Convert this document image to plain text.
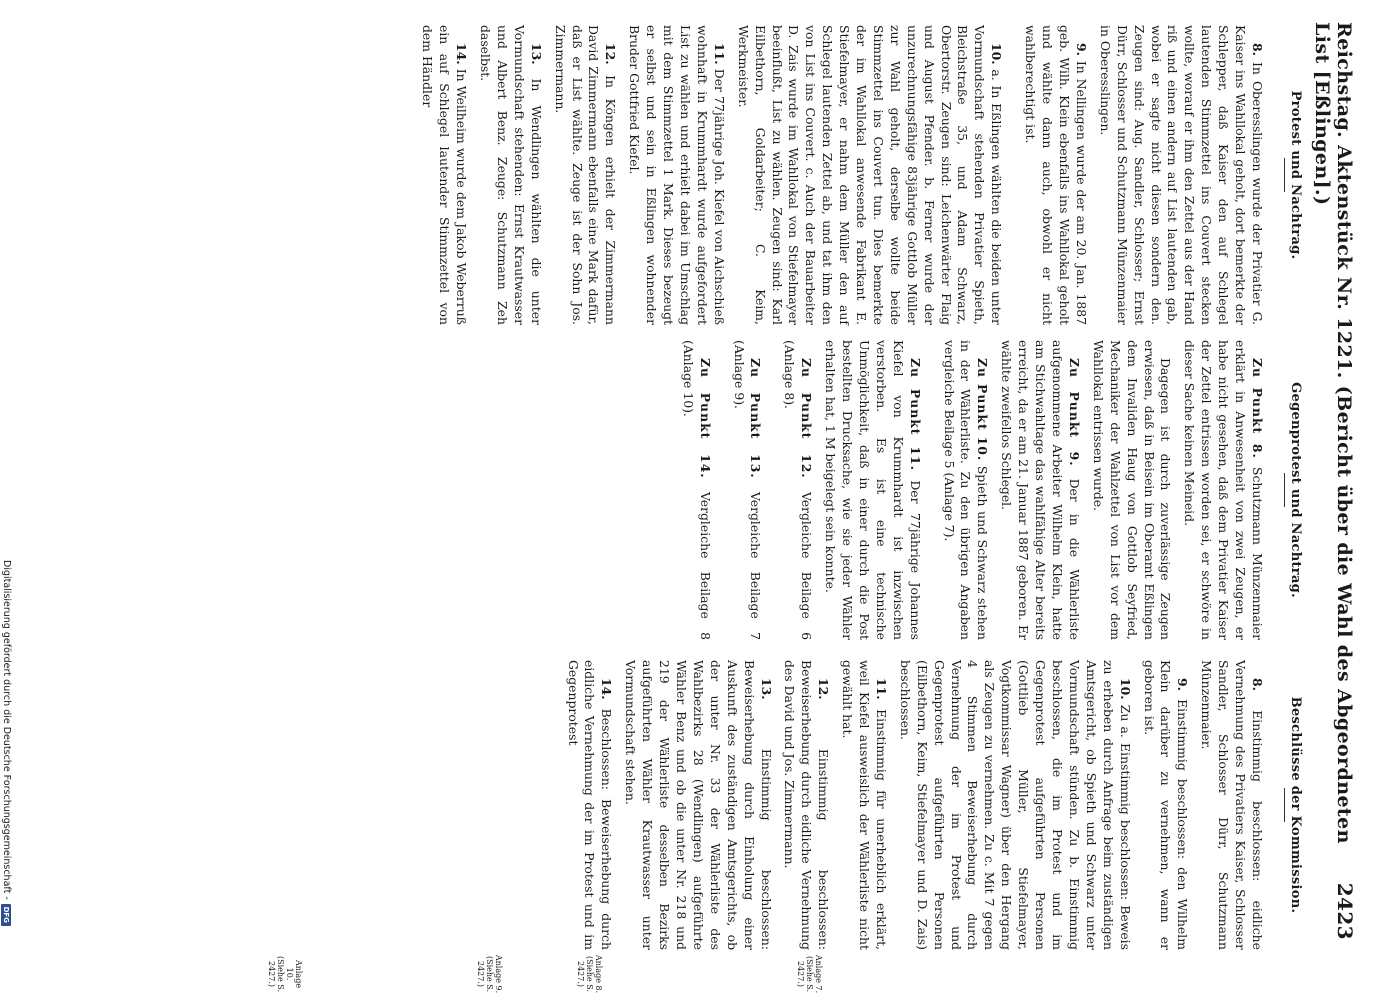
Reichstag. Aktenstück Nr. 1221. (Bericht über die Wahl des Abgeordneten List [Eßlingen].)
2423
Protest und Nachtrag.
Gegenprotest und Nachtrag.
Beschlüsse der Kommission.

8. In Oberesslingen wurde der Privatier G. Kaiser ins Wahllokal geholt, dort bemerkte der Schlepper, daß Kaiser den auf Schlegel lautenden Stimmzettel ins Couvert stecken wollte, worauf er ihm den Zettel aus der Hand riß und einen andern auf List lautenden gab, wobei er sagte nicht diesen sondern den. Zeugen sind: Aug. Sandler, Schlosser; Ernst Dürr, Schlosser und Schutzmann Münzenmaier in Oberesslingen.

9. In Nellingen wurde der am 20. Jan. 1887 geb. Wilh. Klein ebenfalls ins Wahllokal geholt und wählte dann auch, obwohl er nicht wahlberechtigt ist.

10. a. In Eßlingen wählten die beiden unter Vormundschaft stehenden Privatier Spieth, Bleichstraße 35, und Adam Schwarz, Obertorstr. Zeugen sind: Leichenwärter Flaig und August Pfender. b. Ferner wurde der unzurechnungsfähige 83jährige Gottlob Müller zur Wahl geholt, derselbe wollte beide Stimmzettel ins Couvert tun. Dies bemerkte der im Wahllokal anwesende Fabrikant E. Stiefelmayer, er nahm dem Müller den auf Schlegel lautenden Zettel ab, und tat ihm den von List ins Couvert. c. Auch der Bauarbeiter D. Zais wurde im Wahllokal von Stiefelmayer beeinflußt, List zu wählen. Zeugen sind: Karl Eilbethorn, Goldarbeiter; C. Keim, Werkmeister.

11. Der 77jährige Joh. Kiefel von Aichschieß wohnhaft in Krummhardt wurde aufgefordert List zu wählen und erhielt dabei im Umschlag mit dem Stimmzettel 1 Mark. Dieses bezeugt er selbst und sein in Eßlingen wohnender Bruder Gottfried Kiefel.

12. In Köngen erhielt der Zimmermann David Zimmermann ebenfalls eine Mark dafür, daß er List wählte. Zeuge ist der Sohn Jos. Zimmermann.

13. In Wendlingen wählten die unter Vormundschaft stehenden: Ernst Krautwasser und Albert Benz. Zeuge: Schutzmann Zeh daselbst.

14. In Weilheim wurde dem Jakob Weberruß ein auf Schlegel lautender Stimmzettel von dem Händler

Zu Punkt 8. Schutzmann Münzenmaier erklärt in Anwesenheit von zwei Zeugen, er habe nicht gesehen, daß dem Privatier Kaiser der Zettel entrissen worden sei, er schwöre in dieser Sache keinen Meineid.

Dagegen ist durch zuverlässige Zeugen erwiesen, daß in Beisein im Oberamt Eßlingen dem Invaliden Haug von Gottlob Seyfried, Mechaniker der Wahlzettel von List vor dem Wahllokal entrissen wurde.

Zu Punkt 9. Der in die Wählerliste aufgenommene Arbeiter Wilhelm Klein, hatte am Stichwahltage das wahlfähige Alter bereits erreicht, da er am 21. Januar 1887 geboren. Er wählte zweifellos Schlegel.

Zu Punkt 10. Spieth und Schwarz stehen in der Wählerliste. Zu den übrigen Angaben vergleiche Beilage 5 (Anlage 7).

Zu Punkt 11. Der 77jährige Johannes Kiefel von Krummhardt ist inzwischen verstorben. Es ist eine technische Unmöglichkeit, daß in einer durch die Post bestellten Drucksache, wie sie jeder Wähler erhalten hat, 1 M beigelegt sein konnte.

Zu Punkt 12. Vergleiche Beilage 6 (Anlage 8).

Zu Punkt 13. Vergleiche Beilage 7 (Anlage 9).

Zu Punkt 14. Vergleiche Beilage 8 (Anlage 10).

8. Einstimmig beschlossen: eidliche Vernehmung des Privatiers Kaiser, Schlosser Sandler, Schlosser Dürr, Schutzmann Münzenmaier.

9. Einstimmig beschlossen: den Wilhelm Klein darüber zu vernehmen, wann er geboren ist.

10. Zu a. Einstimmig beschlossen: Beweis zu erheben durch Anfrage beim zuständigen Amtsgericht, ob Spieth und Schwarz unter Vormundschaft stünden. Zu b. Einstimmig beschlossen, die im Protest und im Gegenprotest aufgeführten Personen (Gottlieb Müller, Stiefelmayer, Vogtkommissar Wagner) über den Hergang als Zeugen zu vernehmen. Zu c. Mit 7 gegen 4 Stimmen Beweiserhebung durch Vernehmung der im Protest und Gegenprotest aufgeführten Personen (Eilbethorn, Keim, Stiefelmayer und D. Zais) beschlossen.

11. Einstimmig für unerheblich erklärt, weil Kiefel ausweislich der Wählerliste nicht gewählt hat.

12. Einstimmig beschlossen: Beweiserhebung durch eidliche Vernehmung des David und Jos. Zimmermann.

13. Einstimmig beschlossen: Beweiserhebung durch Einholung einer Auskunft des zuständigen Amtsgerichts, ob der unter Nr. 33 der Wählerliste des Wahlbezirks 28 (Wendlingen) aufgeführte Wähler Benz und ob die unter Nr. 218 und 219 der Wählerliste desselben Bezirks aufgeführten Wähler Krautwasser unter Vormundschaft stehen.

14. Beschlossen: Beweiserhebung durch eidliche Vernehmung der im Protest und im Gegenprotest

Anlage 7. (Siehe S. 2427.)
Anlage 8. (Siehe S. 2427.)
Anlage 9. (Siehe S. 2427.)
Anlage 10. (Siehe S. 2427.)
Digitalisierung gefördert durch die Deutsche Forschungsgemeinschaft -
DFG
